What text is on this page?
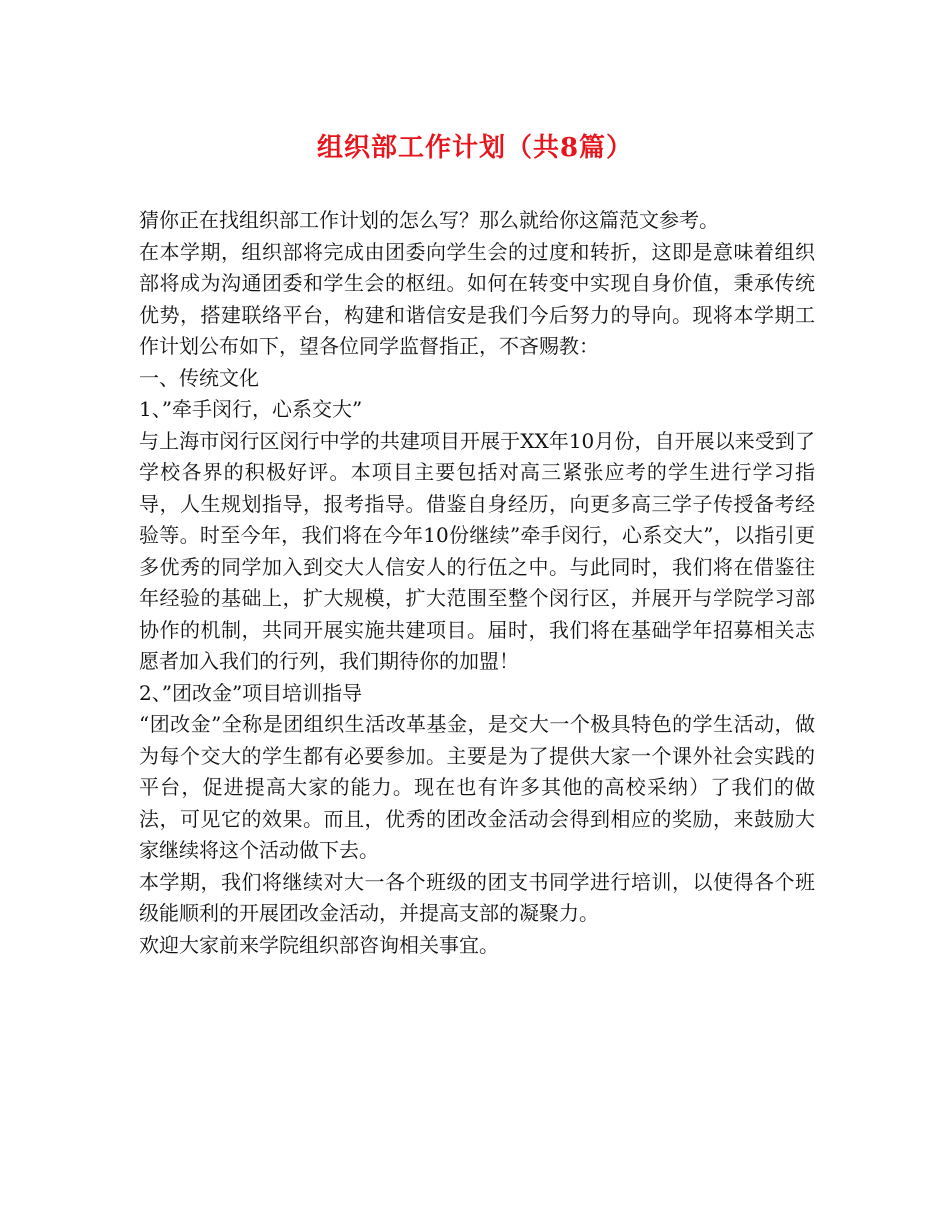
组织部工作计划（共8篇）

猜你正在找组织部工作计划的怎么写？那么就给你这篇范文参考。

在本学期，组织部将完成由团委向学生会的过度和转折，这即是意味着组织部将成为沟通团委和学生会的枢纽。如何在转变中实现自身价值，秉承传统优势，搭建联络平台，构建和谐信安是我们今后努力的导向。现将本学期工作计划公布如下，望各位同学监督指正，不吝赐教：

一、传统文化

1、”牵手闵行，心系交大”

与上海市闵行区闵行中学的共建项目开展于XX年10月份，自开展以来受到了学校各界的积极好评。本项目主要包括对高三紧张应考的学生进行学习指导，人生规划指导，报考指导。借鉴自身经历，向更多高三学子传授备考经验等。时至今年，我们将在今年10份继续”牵手闵行，心系交大”，以指引更多优秀的同学加入到交大人信安人的行伍之中。与此同时，我们将在借鉴往年经验的基础上，扩大规模，扩大范围至整个闵行区，并展开与学院学习部协作的机制，共同开展实施共建项目。届时，我们将在基础学年招募相关志愿者加入我们的行列，我们期待你的加盟！

2、”团改金”项目培训指导

“团改金”全称是团组织生活改革基金，是交大一个极具特色的学生活动，做为每个交大的学生都有必要参加。主要是为了提供大家一个课外社会实践的平台，促进提高大家的能力。现在也有许多其他的高校采纳）了我们的做法，可见它的效果。而且，优秀的团改金活动会得到相应的奖励，来鼓励大家继续将这个活动做下去。

本学期，我们将继续对大一各个班级的团支书同学进行培训，以使得各个班级能顺利的开展团改金活动，并提高支部的凝聚力。

欢迎大家前来学院组织部咨询相关事宜。
